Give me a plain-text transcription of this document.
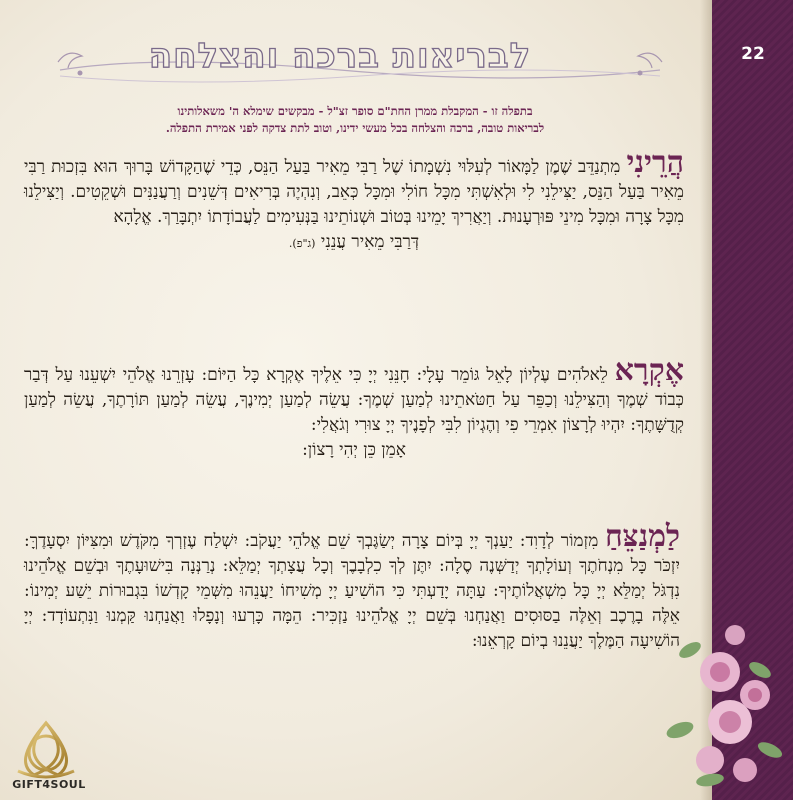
22
לבריאות ברכה והצלחה
בתפלה זו - המקבלת ממרן החת"ם סופר זצ"ל - מבקשים שימלא ה' משאלותינו
לבריאות טובה, ברכה והצלחה בכל מעשי ידינו, וטוב לתת צדקה לפני אמירת התפלה.
הֲרֵינִי מִתְנַדֵּב שֶׁמֶן לַמָּאוֹר לְעִלּוּי נִשְׁמָתוֹ שֶׁל רַבִּי מֵאִיר בַּעַל הַנֵּס, כְּדֵי שֶׁהַקָּדוֹשׁ בָּרוּךְ הוּא בִּזְכוּת רַבִּי מֵאִיר בַּעַל הַנֵּס, יַצִּילֵנִי לִי וּלְאִשְׁתִּי מִכָּל חוֹלִי וּמִכָּל כְּאֵב, וְנִהְיֶה בְּרִיאִים דְּשֵׁנִים וְרַעֲנַנִּים וּשְׁקֵטִים. וְיַצִּילֵנוּ מִכָּל צָרָה וּמִכָּל מִינֵי פּוּרְעָנוּת. וְיַאֲרִיךְ יָמֵינוּ בְּטוֹב וּשְׁנוֹתֵינוּ בַּנְּעִימִים לַעֲבוֹדָתוֹ יִתְבָּרַךְ. אֱלָהָא
דְּרַבִּי מֵאִיר עֲנֵנִי (ג"פ).
אֶקְרָא לֵאלֹהִים עֶלְיוֹן לָאֵל גּוֹמֵר עָלָי: חָנֵּנִי יְיָ כִּי אֵלֶיךָ אֶקְרָא כָּל הַיּוֹם: עָזְרֵנוּ אֱלֹהֵי יִשְׁעֵנוּ עַל דְּבַר כְּבוֹד שְׁמֶךָ וְהַצִּילֵנוּ וְכַפֵּר עַל חַטֹּאתֵינוּ לְמַעַן שְׁמֶךָ: עֲשֵׂה לְמַעַן יְמִינֶךָ, עֲשֵׂה לְמַעַן תּוֹרָתֶךָ, עֲשֵׂה לְמַעַן קְדֻשָּׁתֶךָ: יִהְיוּ לְרָצוֹן אִמְרֵי פִי וְהֶגְיוֹן לִבִּי לְפָנֶיךָ יְיָ צוּרִי וְגֹאֲלִי:
אָמֵן כֵּן יְהִי רָצוֹן:
לַמְנַצֵּחַ מִזְמוֹר לְדָוִד: יַעַנְךָ יְיָ בְּיוֹם צָרָה יְשַׂגֶּבְךָ שֵׁם אֱלֹהֵי יַעֲקֹב: יִשְׁלַח עֶזְרְךָ מִקֹּדֶשׁ וּמִצִּיּוֹן יִסְעָדֶךָּ: יִזְכֹּר כָּל מִנְחֹתֶךָ וְעוֹלָתְךָ יְדַשְּׁנֶה סֶלָה: יִתֶּן לְךָ כִלְבָבֶךָ וְכָל עֲצָתְךָ יְמַלֵּא: נְרַנְּנָה בִּישׁוּעָתֶךָ וּבְשֵׁם אֱלֹהֵינוּ נִדְגֹּל יְמַלֵּא יְיָ כָּל מִשְׁאֲלוֹתֶיךָ: עַתָּה יָדַעְתִּי כִּי הוֹשִׁיעַ יְיָ מְשִׁיחוֹ יַעֲנֵהוּ מִשְּׁמֵי קָדְשׁוֹ בִּגְבוּרוֹת יֵשַׁע יְמִינוֹ: אֵלֶּה בָרֶכֶב וְאֵלֶּה בַסּוּסִים וַאֲנַחְנוּ בְּשֵׁם יְיָ אֱלֹהֵינוּ נַזְכִּיר: הֵמָּה כָּרְעוּ וְנָפָלוּ וַאֲנַחְנוּ קַּמְנוּ וַנִּתְעוֹדָד: יְיָ הוֹשִׁיעָה הַמֶּלֶךְ יַעֲנֵנוּ בְיוֹם קָרְאֵנוּ:
GIFT4SOUL
